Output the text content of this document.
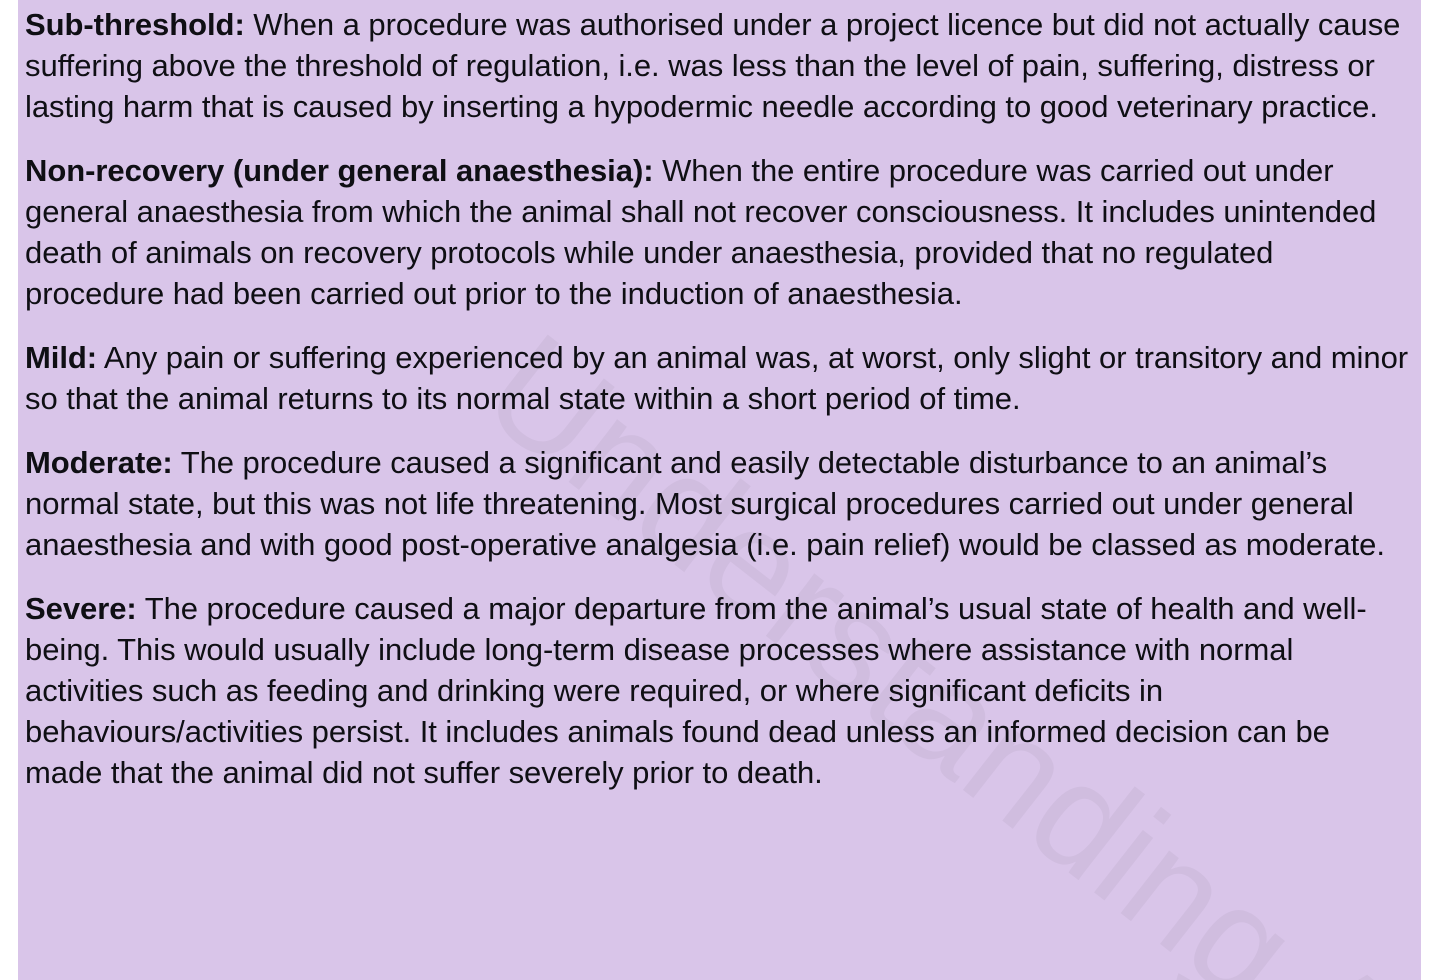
Sub-threshold: When a procedure was authorised under a project licence but did not actually cause suffering above the threshold of regulation, i.e. was less than the level of pain, suffering, distress or lasting harm that is caused by inserting a hypodermic needle according to good veterinary practice.

Non-recovery (under general anaesthesia): When the entire procedure was carried out under general anaesthesia from which the animal shall not recover consciousness. It includes unintended death of animals on recovery protocols while under anaesthesia, provided that no regulated procedure had been carried out prior to the induction of anaesthesia.

Mild: Any pain or suffering experienced by an animal was, at worst, only slight or transitory and minor so that the animal returns to its normal state within a short period of time.

Moderate: The procedure caused a significant and easily detectable disturbance to an animal’s normal state, but this was not life threatening. Most surgical procedures carried out under general anaesthesia and with good post-operative analgesia (i.e. pain relief) would be classed as moderate.

Severe: The procedure caused a major departure from the animal’s usual state of health and well-being. This would usually include long-term disease processes where assistance with normal activities such as feeding and drinking were required, or where significant deficits in behaviours/activities persist. It includes animals found dead unless an informed decision can be made that the animal did not suffer severely prior to death.
